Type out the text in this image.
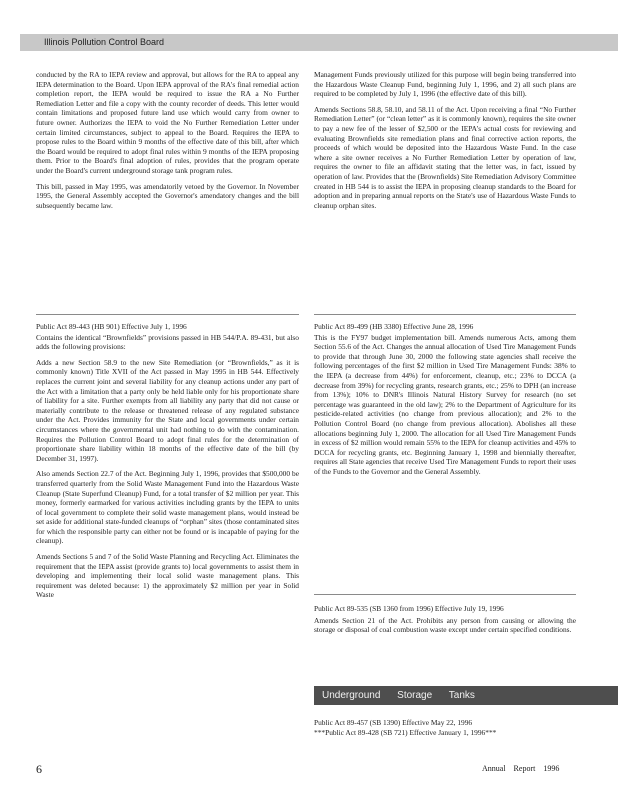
Illinois Pollution Control Board

conducted by the RA to IEPA review and approval, but allows for the RA to appeal any IEPA determination to the Board. Upon IEPA approval of the RA's final remedial action completion report, the IEPA would be required to issue the RA a No Further Remediation Letter and file a copy with the county recorder of deeds. This letter would contain limitations and proposed future land use which would carry from owner to future owner. Authorizes the IEPA to void the No Further Remediation Letter under certain limited circumstances, subject to appeal to the Board. Requires the IEPA to propose rules to the Board within 9 months of the effective date of this bill, after which the Board would be required to adopt final rules within 9 months of the IEPA proposing them. Prior to the Board's final adoption of rules, provides that the program operate under the Board's current underground storage tank program rules.

This bill, passed in May 1995, was amendatorily vetoed by the Governor. In November 1995, the General Assembly accepted the Governor's amendatory changes and the bill subsequently became law.

Public Act 89-443 (HB 901) Effective July 1, 1996

Contains the identical “Brownfields” provisions passed in HB 544/P.A. 89-431, but also adds the following provisions:

Adds a new Section 58.9 to the new Site Remediation (or “Brownfields,” as it is commonly known) Title XVII of the Act passed in May 1995 in HB 544. Effectively replaces the current joint and several liability for any cleanup actions under any part of the Act with a limitation that a party only be held liable only for his proportionate share of liability for a site. Further exempts from all liability any party that did not cause or materially contribute to the release or threatened release of any regulated substance under the Act. Provides immunity for the State and local governments under certain circumstances where the governmental unit had nothing to do with the contamination. Requires the Pollution Control Board to adopt final rules for the determination of proportionate share liability within 18 months of the effective date of the bill (by December 31, 1997).

Also amends Section 22.7 of the Act. Beginning July 1, 1996, provides that $500,000 be transferred quarterly from the Solid Waste Management Fund into the Hazardous Waste Cleanup (State Superfund Cleanup) Fund, for a total transfer of $2 million per year. This money, formerly earmarked for various activities including grants by the IEPA to units of local government to complete their solid waste management plans, would instead be set aside for additional state-funded cleanups of “orphan” sites (those contaminated sites for which the responsible party can either not be found or is incapable of paying for the cleanup).

Amends Sections 5 and 7 of the Solid Waste Planning and Recycling Act. Eliminates the requirement that the IEPA assist (provide grants to) local governments to assist them in developing and implementing their local solid waste management plans. This requirement was deleted because: 1) the approximately $2 million per year in Solid Waste

Management Funds previously utilized for this purpose will begin being transferred into the Hazardous Waste Cleanup Fund, beginning July 1, 1996, and 2) all such plans are required to be completed by July 1, 1996 (the effective date of this bill).

Amends Sections 58.8, 58.10, and 58.11 of the Act. Upon receiving a final “No Further Remediation Letter” (or “clean letter” as it is commonly known), requires the site owner to pay a new fee of the lesser of $2,500 or the IEPA's actual costs for reviewing and evaluating Brownfields site remediation plans and final corrective action reports, the proceeds of which would be deposited into the Hazardous Waste Fund. In the case where a site owner receives a No Further Remediation Letter by operation of law, requires the owner to file an affidavit stating that the letter was, in fact, issued by operation of law. Provides that the (Brownfields) Site Remediation Advisory Committee created in HB 544 is to assist the IEPA in proposing cleanup standards to the Board for adoption and in preparing annual reports on the State's use of Hazardous Waste Funds to cleanup orphan sites.

Public Act 89-499 (HB 3380) Effective June 28, 1996

This is the FY97 budget implementation bill. Amends numerous Acts, among them Section 55.6 of the Act. Changes the annual allocation of Used Tire Management Funds to provide that through June 30, 2000 the following state agencies shall receive the following percentages of the first $2 million in Used Tire Management Funds: 38% to the IEPA (a decrease from 44%) for enforcement, cleanup, etc.; 23% to DCCA (a decrease from 39%) for recycling grants, research grants, etc.; 25% to DPH (an increase from 13%); 10% to DNR's Illinois Natural History Survey for research (no set percentage was guaranteed in the old law); 2% to the Department of Agriculture for its pesticide-related activities (no change from previous allocation); and 2% to the Pollution Control Board (no change from previous allocation). Abolishes all these allocations beginning July 1, 2000. The allocation for all Used Tire Management Funds in excess of $2 million would remain 55% to the IEPA for cleanup activities and 45% to DCCA for recycling grants, etc. Beginning January 1, 1998 and biennially thereafter, requires all State agencies that receive Used Tire Management Funds to report their uses of the Funds to the Governor and the General Assembly.

Public Act 89-535 (SB 1360 from 1996) Effective July 19, 1996

Amends Section 21 of the Act. Prohibits any person from causing or allowing the storage or disposal of coal combustion waste except under certain specified conditions.

Underground Storage Tanks

Public Act 89-457 (SB 1390) Effective May 22, 1996

***Public Act 89-428 (SB 721) Effective January 1, 1996***

6	Annual Report 1996
